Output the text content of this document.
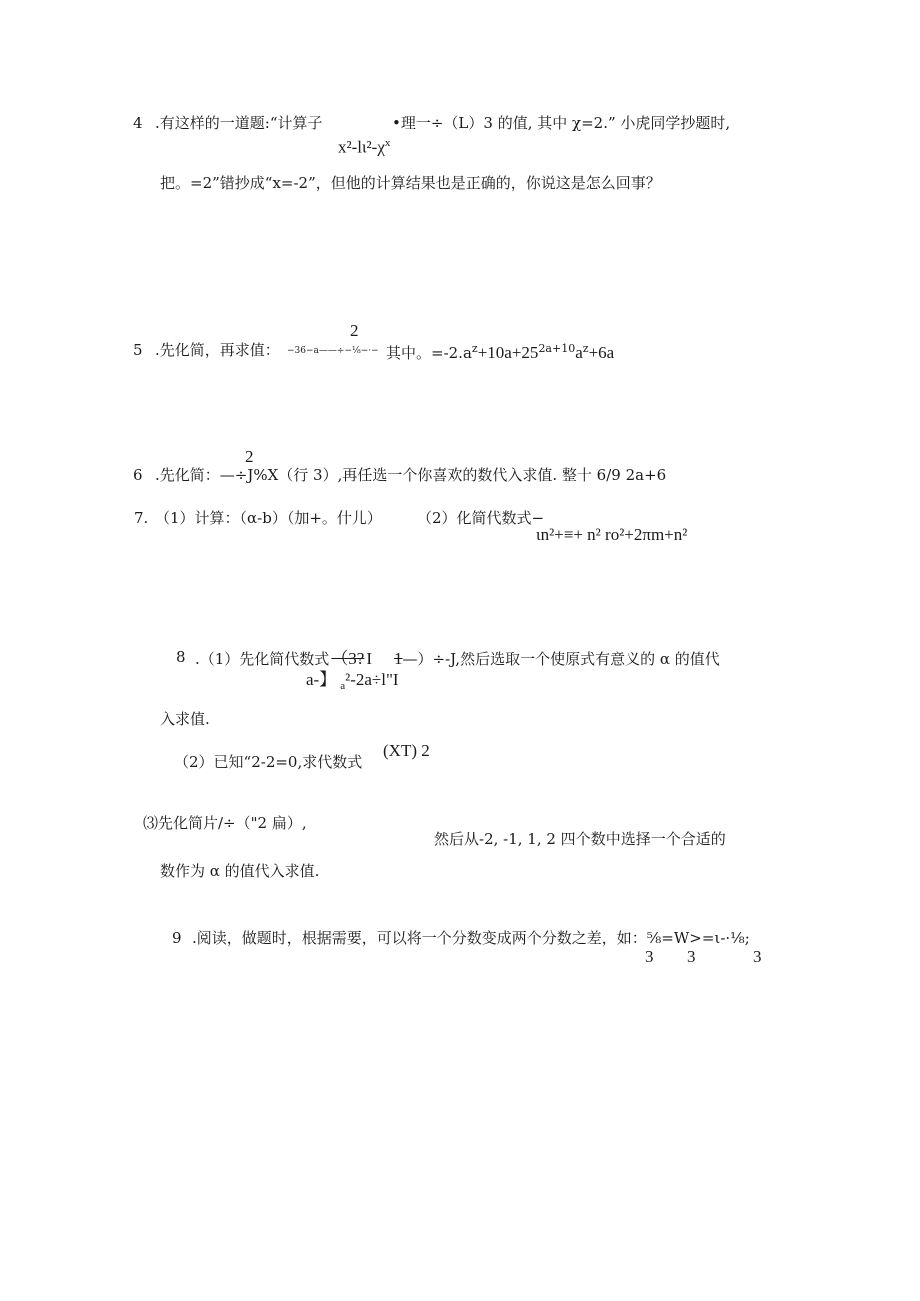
4 .有这样的一道题:“计算子	•理一÷（L）3 的值, 其中 χ=2.” 小虎同学抄题时,
$x^2-l\iota^2-\chi^x$
把。=2”错抄成“x=-2”，但他的计算结果也是正确的，你说这是怎么回事？
2
5 .先化简，再求值： −36−a——÷−⅛−·− 其中。$=-2.a^z+10a+25^{2a+10}a^z+6a$
2
6 .先化简：—÷J%X（行 3）,再任选一个你喜欢的数代入求值. 整十 6/9 2a+6
7. （1）计算：（α-b）（加+。什儿） （2）化简代数式−
ιn²+≡+ n² ro²+2πm+n²
8 .（1）先化简代数式 （3? I 1—）÷-J,然后选取一个使原式有意义的 α 的值代
a-】 $_a$²-2a÷l"I
入求值.
(XT) 2
（2）已知“2-2=0,求代数式
⑶先化简片/÷（"2 扁）,
然后从-2, -1, 1, 2 四个数中选择一个合适的
数作为 α 的值代入求值.
9 .阅读，做题时，根据需要，可以将一个分数变成两个分数之差，如：⅝=W>=ι-·⅛;
3 3	3
